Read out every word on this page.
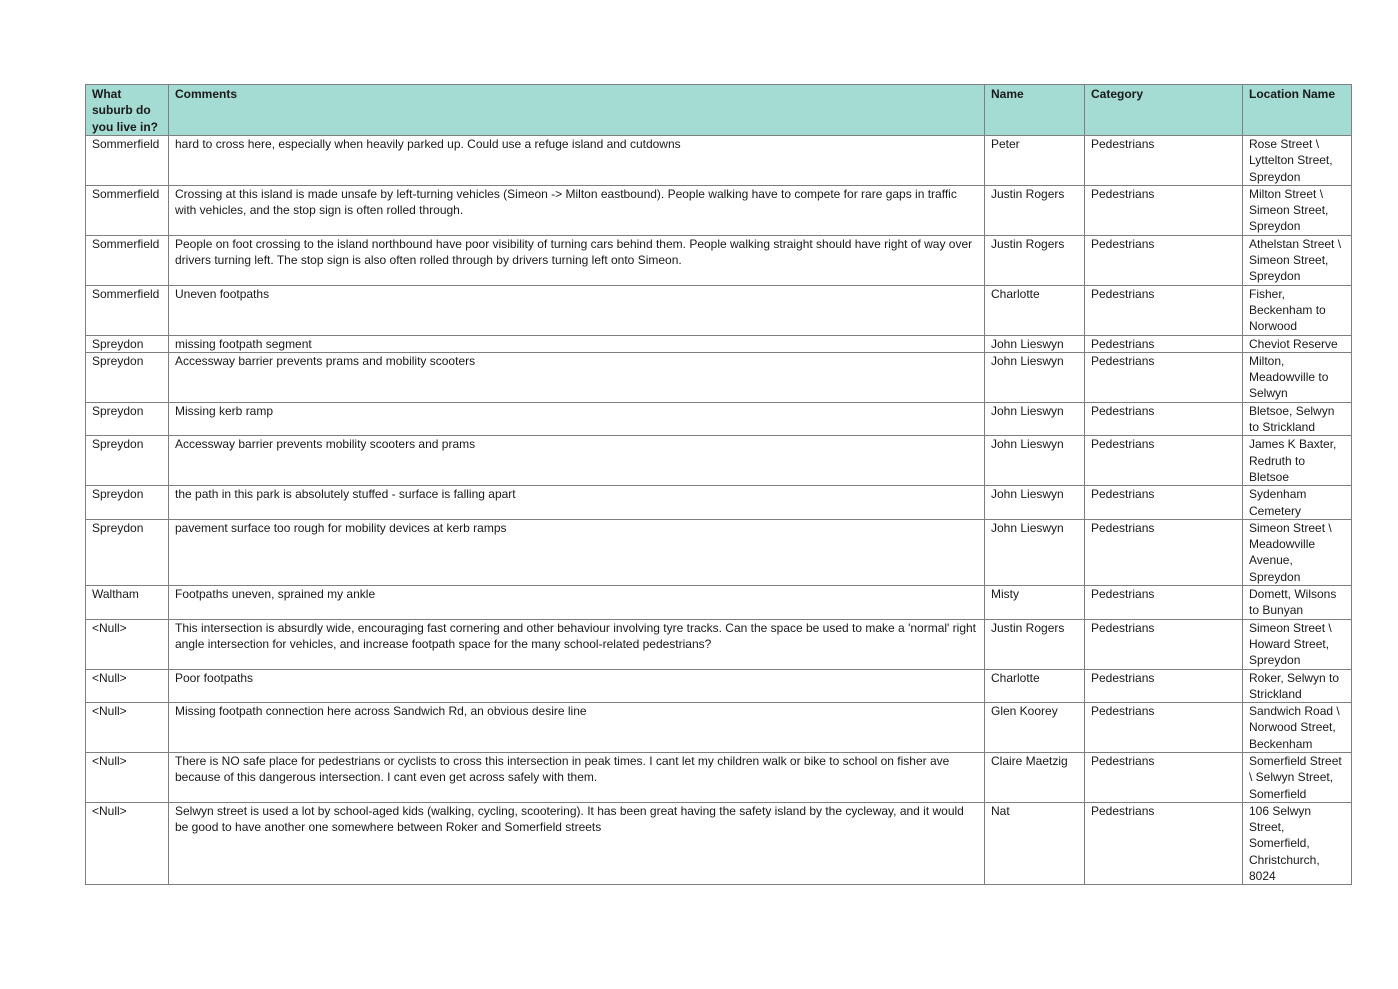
What suburb do you live in?	Comments	Name	Category	Location Name
Sommerfield	hard to cross here, especially when heavily parked up. Could use a refuge island and cutdowns	Peter	Pedestrians	Rose Street \ Lyttelton Street, Spreydon
Sommerfield	Crossing at this island is made unsafe by left-turning vehicles (Simeon -> Milton eastbound). People walking have to compete for rare gaps in traffic with vehicles, and the stop sign is often rolled through.	Justin Rogers	Pedestrians	Milton Street \ Simeon Street, Spreydon
Sommerfield	People on foot crossing to the island northbound have poor visibility of turning cars behind them. People walking straight should have right of way over drivers turning left. The stop sign is also often rolled through by drivers turning left onto Simeon.	Justin Rogers	Pedestrians	Athelstan Street \ Simeon Street, Spreydon
Sommerfield	Uneven footpaths	Charlotte	Pedestrians	Fisher, Beckenham to Norwood
Spreydon	missing footpath segment	John Lieswyn	Pedestrians	Cheviot Reserve
Spreydon	Accessway barrier prevents prams and mobility scooters	John Lieswyn	Pedestrians	Milton, Meadowville to Selwyn
Spreydon	Missing kerb ramp	John Lieswyn	Pedestrians	Bletsoe, Selwyn to Strickland
Spreydon	Accessway barrier prevents mobility scooters and prams	John Lieswyn	Pedestrians	James K Baxter, Redruth to Bletsoe
Spreydon	the path in this park is absolutely stuffed - surface is falling apart	John Lieswyn	Pedestrians	Sydenham Cemetery
Spreydon	pavement surface too rough for mobility devices at kerb ramps	John Lieswyn	Pedestrians	Simeon Street \ Meadowville Avenue, Spreydon
Waltham	Footpaths uneven, sprained my ankle	Misty	Pedestrians	Domett, Wilsons to Bunyan
<Null>	This intersection is absurdly wide, encouraging fast cornering and other behaviour involving tyre tracks. Can the space be used to make a 'normal' right angle intersection for vehicles, and increase footpath space for the many school-related pedestrians?	Justin Rogers	Pedestrians	Simeon Street \ Howard Street, Spreydon
<Null>	Poor footpaths	Charlotte	Pedestrians	Roker, Selwyn to Strickland
<Null>	Missing footpath connection here across Sandwich Rd, an obvious desire line	Glen Koorey	Pedestrians	Sandwich Road \ Norwood Street, Beckenham
<Null>	There is NO safe place for pedestrians or cyclists to cross this intersection in peak times. I cant let my children walk or bike to school on fisher ave because of this dangerous intersection. I cant even get across safely with them.	Claire Maetzig	Pedestrians	Somerfield Street \ Selwyn Street, Somerfield
<Null>	Selwyn street is used a lot by school-aged kids (walking, cycling, scootering). It has been great having the safety island by the cycleway, and it would be good to have another one somewhere between Roker and Somerfield streets	Nat	Pedestrians	106 Selwyn Street, Somerfield, Christchurch, 8024
